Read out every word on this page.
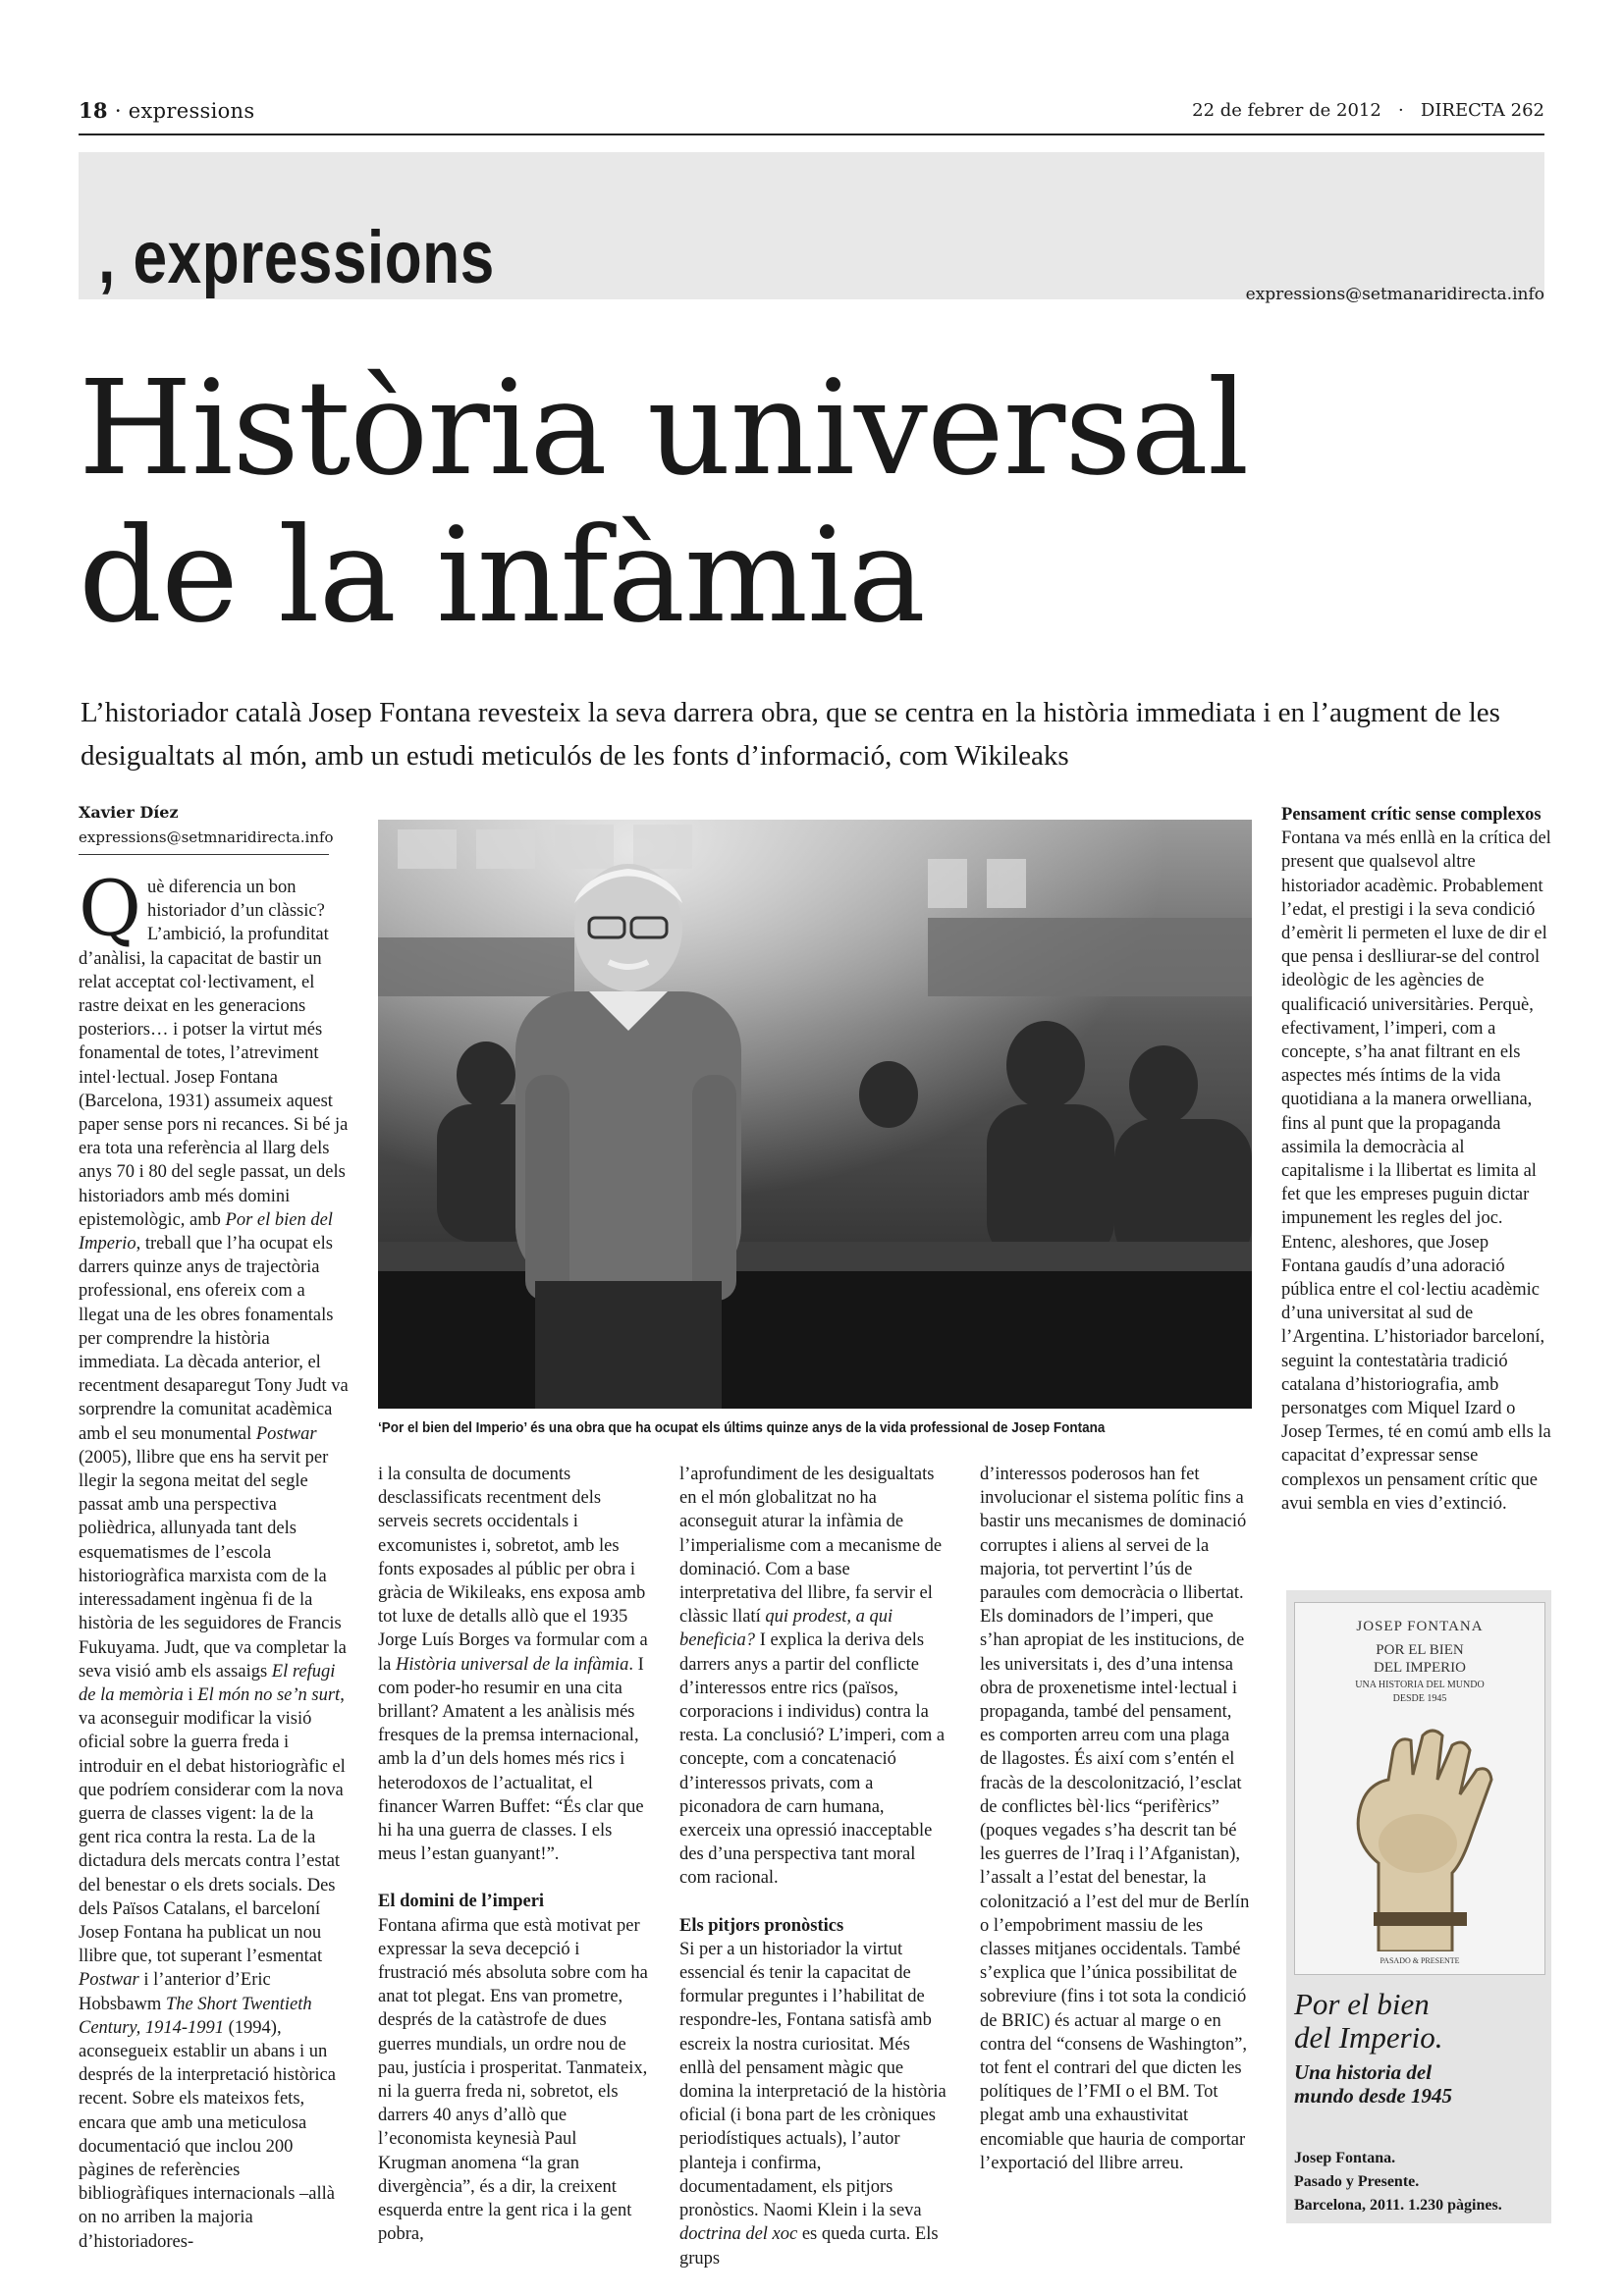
18 · expressions	22 de febrer de 2012   ·   DIRECTA 262
, expressions	expressions@setmanaridirecta.info
Història universal
de la infàmia
L’historiador català Josep Fontana revesteix la seva darrera obra, que se centra en la història immediata i en l’augment de les desigualtats al món, amb un estudi meticulós de les fonts d’informació, com Wikileaks
Xavier Díez
expressions@setmnaridirecta.info

Què diferencia un bon historiador d’un clàssic? L’ambició, la profunditat d’anàlisi, la capacitat de bastir un relat acceptat col·lectivament, el rastre deixat en les generacions posteriors… i potser la virtut més fonamental de totes, l’atreviment intel·lectual. Josep Fontana (Barcelona, 1931) assumeix aquest paper sense pors ni recances. Si bé ja era tota una referència al llarg dels anys 70 i 80 del segle passat, un dels historiadors amb més domini epistemològic, amb Por el bien del Imperio, treball que l’ha ocupat els darrers quinze anys de trajectòria professional, ens ofereix com a llegat una de les obres fonamentals per comprendre la història immediata. La dècada anterior, el recentment desaparegut Tony Judt va sorprendre la comunitat acadèmica amb el seu monumental Postwar (2005), llibre que ens ha servit per llegir la segona meitat del segle passat amb una perspectiva polièdrica, allunyada tant dels esquematismes de l’escola historiogràfica marxista com de la interessadament ingènua fi de la història de les seguidores de Francis Fukuyama. Judt, que va completar la seva visió amb els assaigs El refugi de la memòria i El món no se’n surt, va aconseguir modificar la visió oficial sobre la guerra freda i introduir en el debat historiogràfic el que podríem considerar com la nova guerra de classes vigent: la de la gent rica contra la resta. La de la dictadura dels mercats contra l’estat del benestar o els drets socials. Des dels Països Catalans, el barceloní Josep Fontana ha publicat un nou llibre que, tot superant l’esmentat Postwar i l’anterior d’Eric Hobsbawm The Short Twentieth Century, 1914-1991 (1994), aconsegueix establir un abans i un després de la interpretació històrica recent. Sobre els mateixos fets, encara que amb una meticulosa documentació que inclou 200 pàgines de referències bibliogràfiques internacionals –allà on no arriben la majoria d’historiadores-

‘Por el bien del Imperio’ és una obra que ha ocupat els últims quinze anys de la vida professional de Josep Fontana

i la consulta de documents desclassificats recentment dels serveis secrets occidentals i excomunistes i, sobretot, amb les fonts exposades al públic per obra i gràcia de Wikileaks, ens exposa amb tot luxe de detalls allò que el 1935 Jorge Luís Borges va formular com a la Història universal de la infàmia. I com poder-ho resumir en una cita brillant? Amatent a les anàlisis més fresques de la premsa internacional, amb la d’un dels homes més rics i heterodoxos de l’actualitat, el financer Warren Buffet: “És clar que hi ha una guerra de classes. I els meus l’estan guanyant!”.

El domini de l’imperi

Fontana afirma que està motivat per expressar la seva decepció i frustració més absoluta sobre com ha anat tot plegat. Ens van prometre, després de la catàstrofe de dues guerres mundials, un ordre nou de pau, justícia i prosperitat. Tanmateix, ni la guerra freda ni, sobretot, els darrers 40 anys d’allò que l’economista keynesià Paul Krugman anomena “la gran divergència”, és a dir, la creixent esquerda entre la gent rica i la gent pobra,

l’aprofundiment de les desigualtats en el món globalitzat no ha aconseguit aturar la infàmia de l’imperialisme com a mecanisme de dominació. Com a base interpretativa del llibre, fa servir el clàssic llatí qui prodest, a qui beneficia? I explica la deriva dels darrers anys a partir del conflicte d’interessos entre rics (països, corporacions i individus) contra la resta. La conclusió? L’imperi, com a concepte, com a concatenació d’interessos privats, com a piconadora de carn humana, exerceix una opressió inacceptable des d’una perspectiva tant moral com racional.

Els pitjors pronòstics

Si per a un historiador la virtut essencial és tenir la capacitat de formular preguntes i l’habilitat de respondre-les, Fontana satisfà amb escreix la nostra curiositat. Més enllà del pensament màgic que domina la interpretació de la història oficial (i bona part de les cròniques periodístiques actuals), l’autor planteja i confirma, documentadament, els pitjors pronòstics. Naomi Klein i la seva doctrina del xoc es queda curta. Els grups

d’interessos poderosos han fet involucionar el sistema polític fins a bastir uns mecanismes de dominació corruptes i aliens al servei de la majoria, tot pervertint l’ús de paraules com democràcia o llibertat. Els dominadors de l’imperi, que s’han apropiat de les institucions, de les universitats i, des d’una intensa obra de proxenetisme intel·lectual i propaganda, també del pensament, es comporten arreu com una plaga de llagostes. És així com s’entén el fracàs de la descolonització, l’esclat de conflictes bèl·lics “perifèrics” (poques vegades s’ha descrit tan bé les guerres de l’Iraq i l’Afganistan), l’assalt a l’estat del benestar, la colonització a l’est del mur de Berlín o l’empobriment massiu de les classes mitjanes occidentals. També s’explica que l’única possibilitat de sobreviure (fins i tot sota la condició de BRIC) és actuar al marge o en contra del “consens de Washington”, tot fent el contrari del que dicten les polítiques de l’FMI o el BM. Tot plegat amb una exhaustivitat encomiable que hauria de comportar l’exportació del llibre arreu.

Pensament crític sense complexos

Fontana va més enllà en la crítica del present que qualsevol altre historiador acadèmic. Probablement l’edat, el prestigi i la seva condició d’emèrit li permeten el luxe de dir el que pensa i deslliurar-se del control ideològic de les agències de qualificació universitàries. Perquè, efectivament, l’imperi, com a concepte, s’ha anat filtrant en els aspectes més íntims de la vida quotidiana a la manera orwelliana, fins al punt que la propaganda assimila la democràcia al capitalisme i la llibertat es limita al fet que les empreses puguin dictar impunement les regles del joc. Entenc, aleshores, que Josep Fontana gaudís d’una adoració pública entre el col·lectiu acadèmic d’una universitat al sud de l’Argentina. L’historiador barceloní, seguint la contestatària tradició catalana d’historiografia, amb personatges com Miquel Izard o Josep Termes, té en comú amb ells la capacitat d’expressar sense complexos un pensament crític que avui sembla en vies d’extinció.

JOSEP FONTANA
POR EL BIEN
DEL IMPERIO
UNA HISTORIA DEL MUNDO
DESDE 1945
PASADO & PRESENTE
Por el bien
del Imperio.
Una historia del
mundo desde 1945
Josep Fontana.
Pasado y Presente.
Barcelona, 2011. 1.230 pàgines.
